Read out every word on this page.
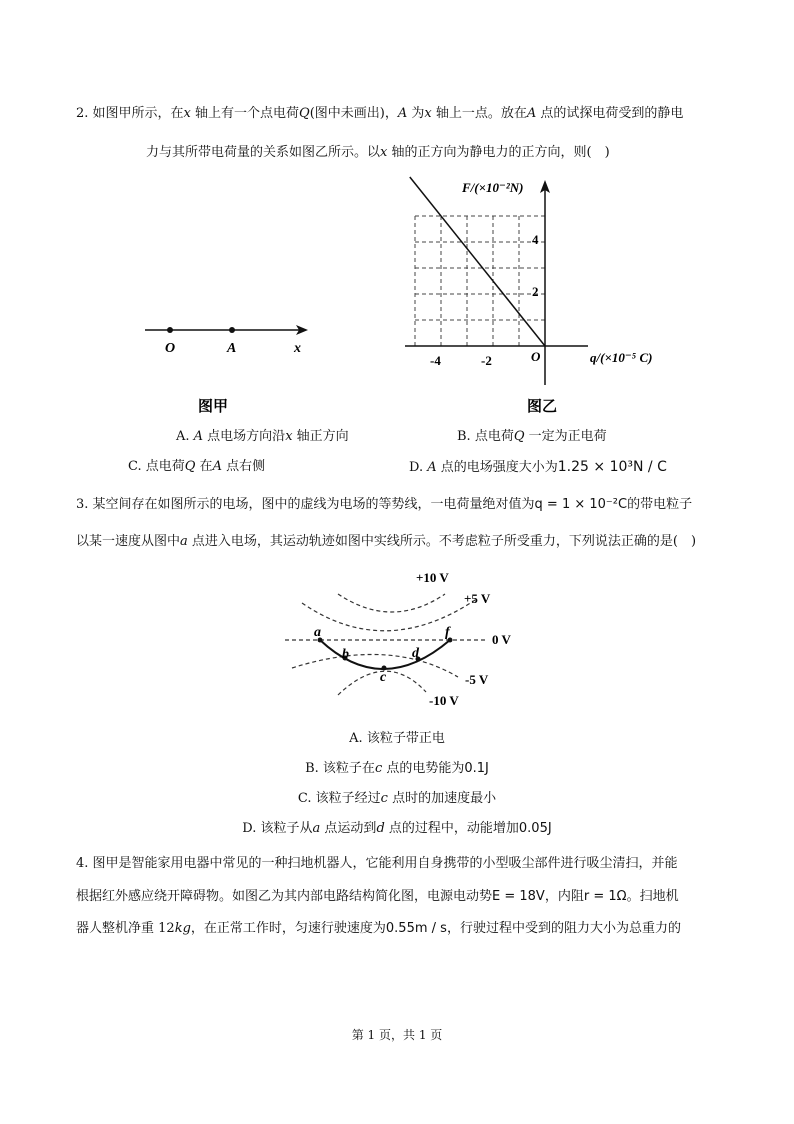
2. 如图甲所示，在x 轴上有一个点电荷Q(图中未画出)，A 为x 轴上一点。放在A 点的试探电荷受到的静电
力与其所带电荷量的关系如图乙所示。以x 轴的正方向为静电力的正方向，则(　)
O	A	x
图甲
F/(×10⁻²N)
q/(×10⁻⁵ C)
O
4
2
-4	-2
图乙
A. A 点电场方向沿x 轴正方向	B. 点电荷Q 一定为正电荷
C. 点电荷Q 在A 点右侧	D. A 点的电场强度大小为1.25 × 10³N / C
3. 某空间存在如图所示的电场，图中的虚线为电场的等势线，一电荷量绝对值为q = 1 × 10⁻²C的带电粒子
以某一速度从图中a 点进入电场，其运动轨迹如图中实线所示。不考虑粒子所受重力，下列说法正确的是(　)
a
b
c
d
f
+10 V
+5 V
0 V
-5 V
-10 V
A. 该粒子带正电
B. 该粒子在c 点的电势能为0.1J
C. 该粒子经过c 点时的加速度最小
D. 该粒子从a 点运动到d 点的过程中，动能增加0.05J
4. 图甲是智能家用电器中常见的一种扫地机器人，它能利用自身携带的小型吸尘部件进行吸尘清扫，并能
根据红外感应绕开障碍物。如图乙为其内部电路结构简化图，电源电动势E = 18V，内阻r = 1Ω。扫地机
器人整机净重 12kg，在正常工作时，匀速行驶速度为0.55m / s，行驶过程中受到的阻力大小为总重力的
第 1 页，共 1 页
